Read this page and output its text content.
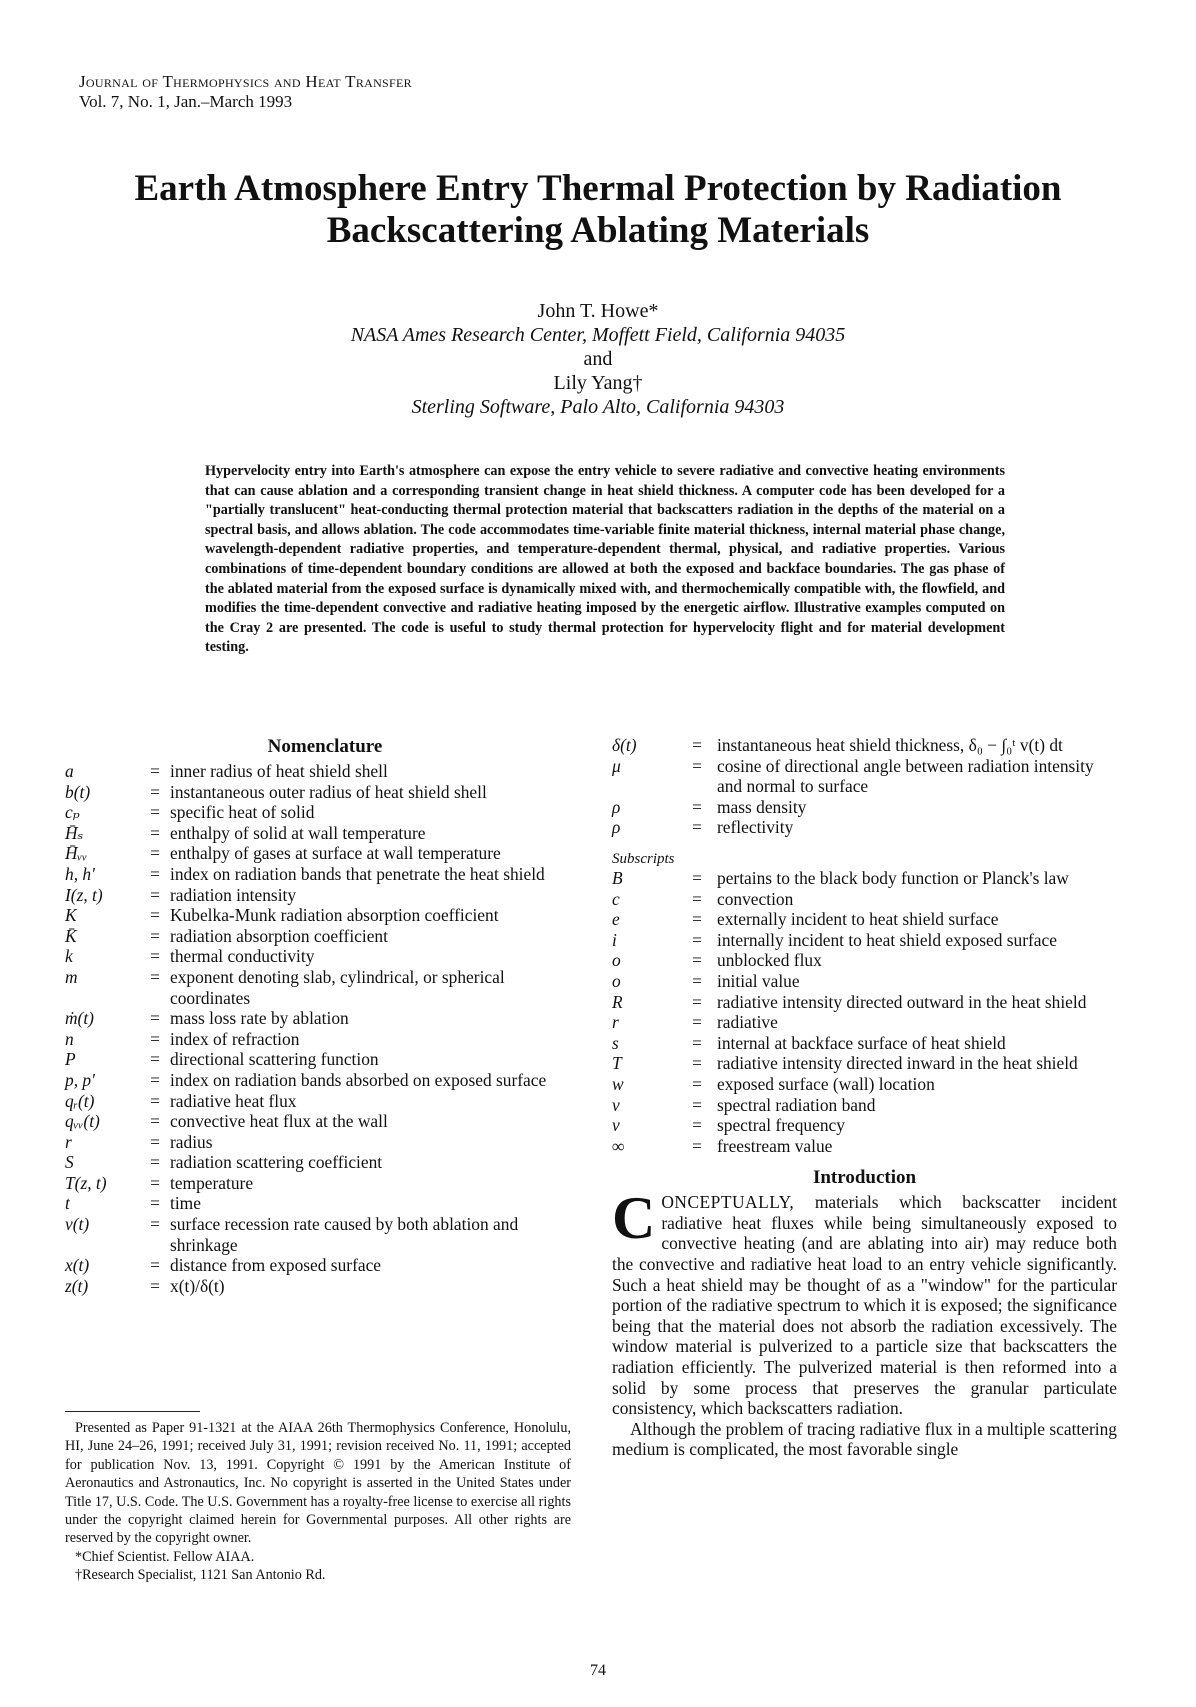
Journal of Thermophysics and Heat Transfer
Vol. 7, No. 1, Jan.–March 1993
Earth Atmosphere Entry Thermal Protection by Radiation
Backscattering Ablating Materials
John T. Howe*
NASA Ames Research Center, Moffett Field, California 94035
and
Lily Yang†
Sterling Software, Palo Alto, California 94303
Hypervelocity entry into Earth's atmosphere can expose the entry vehicle to severe radiative and convective heating environments that can cause ablation and a corresponding transient change in heat shield thickness. A computer code has been developed for a "partially translucent" heat-conducting thermal protection material that backscatters radiation in the depths of the material on a spectral basis, and allows ablation. The code accommodates time-variable finite material thickness, internal material phase change, wavelength-dependent radiative properties, and temperature-dependent thermal, physical, and radiative properties. Various combinations of time-dependent boundary conditions are allowed at both the exposed and backface boundaries. The gas phase of the ablated material from the exposed surface is dynamically mixed with, and thermochemically compatible with, the flowfield, and modifies the time-dependent convective and radiative heating imposed by the energetic airflow. Illustrative examples computed on the Cray 2 are presented. The code is useful to study thermal protection for hypervelocity flight and for material development testing.
Nomenclature
a	= inner radius of heat shield shell
b(t)	= instantaneous outer radius of heat shield shell
cₚ	= specific heat of solid
H̄ₛ	= enthalpy of solid at wall temperature
H̄ᵥᵥ	= enthalpy of gases at surface at wall temperature
h, h′	= index on radiation bands that penetrate the heat shield
I(z, t)	= radiation intensity
K	= Kubelka-Munk radiation absorption coefficient
K̄	= radiation absorption coefficient
k	= thermal conductivity
m	= exponent denoting slab, cylindrical, or spherical coordinates
ṁ(t)	= mass loss rate by ablation
n	= index of refraction
P	= directional scattering function
p, p′	= index on radiation bands absorbed on exposed surface
qᵣ(t)	= radiative heat flux
qᵥᵥ(t)	= convective heat flux at the wall
r	= radius
S	= radiation scattering coefficient
T(z, t)	= temperature
t	= time
v(t)	= surface recession rate caused by both ablation and shrinkage
x(t)	= distance from exposed surface
z(t)	= x(t)/δ(t)

Presented as Paper 91-1321 at the AIAA 26th Thermophysics Conference, Honolulu, HI, June 24–26, 1991; received July 31, 1991; revision received No. 11, 1991; accepted for publication Nov. 13, 1991. Copyright © 1991 by the American Institute of Aeronautics and Astronautics, Inc. No copyright is asserted in the United States under Title 17, U.S. Code. The U.S. Government has a royalty-free license to exercise all rights under the copyright claimed herein for Governmental purposes. All other rights are reserved by the copyright owner.

*Chief Scientist. Fellow AIAA.

†Research Specialist, 1121 San Antonio Rd.

δ(t)	= instantaneous heat shield thickness, δ₀ − ∫₀ᵗ v(t) dt
μ	= cosine of directional angle between radiation intensity and normal to surface
ρ	= mass density
ρ	= reflectivity
Subscripts
B	= pertains to the black body function or Planck's law
c	= convection
e	= externally incident to heat shield surface
i	= internally incident to heat shield exposed surface
o	= unblocked flux
o	= initial value
R	= radiative intensity directed outward in the heat shield
r	= radiative
s	= internal at backface surface of heat shield
T	= radiative intensity directed inward in the heat shield
w	= exposed surface (wall) location
ν	= spectral radiation band
ν	= spectral frequency
∞	= freestream value
Introduction

CONCEPTUALLY, materials which backscatter incident radiative heat fluxes while being simultaneously exposed to convective heating (and are ablating into air) may reduce both the convective and radiative heat load to an entry vehicle significantly. Such a heat shield may be thought of as a "window" for the particular portion of the radiative spectrum to which it is exposed; the significance being that the material does not absorb the radiation excessively. The window material is pulverized to a particle size that backscatters the radiation efficiently. The pulverized material is then reformed into a solid by some process that preserves the granular particulate consistency, which backscatters radiation.

Although the problem of tracing radiative flux in a multiple scattering medium is complicated, the most favorable single

74
